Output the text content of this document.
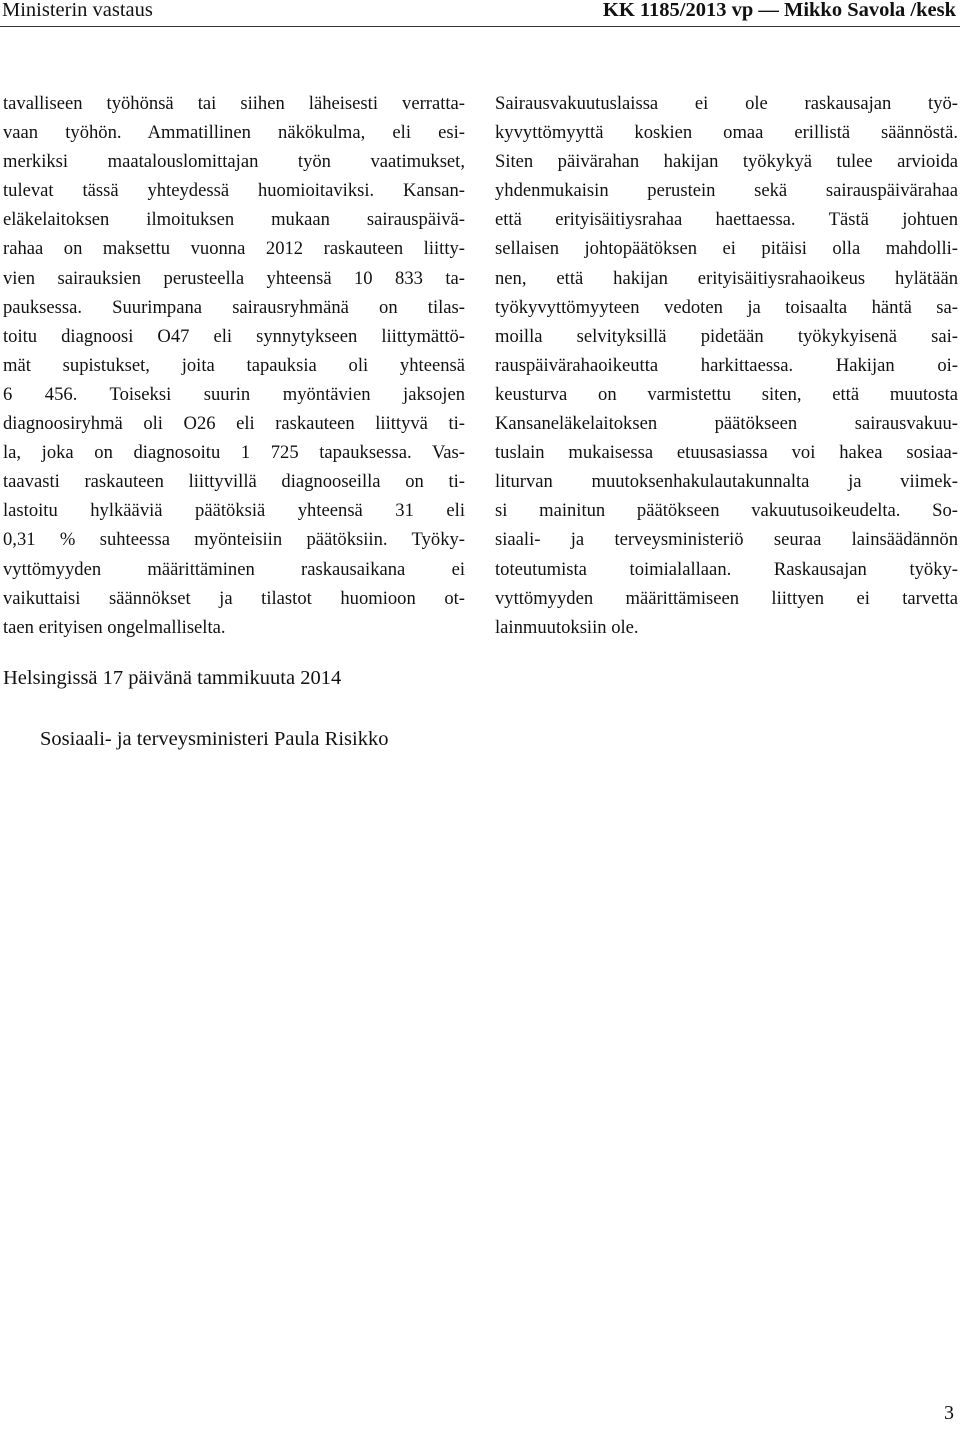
Ministerin vastaus	KK 1185/2013 vp — Mikko Savola /kesk
tavalliseen työhönsä tai siihen läheisesti verratta-
vaan työhön. Ammatillinen näkökulma, eli esi-
merkiksi maatalouslomittajan työn vaatimukset,
tulevat tässä yhteydessä huomioitaviksi. Kansan-
eläkelaitoksen ilmoituksen mukaan sairauspäivä-
rahaa on maksettu vuonna 2012 raskauteen liitty-
vien sairauksien perusteella yhteensä 10 833 ta-
pauksessa. Suurimpana sairausryhmänä on tilas-
toitu diagnoosi O47 eli synnytykseen liittymättö-
mät supistukset, joita tapauksia oli yhteensä
6 456. Toiseksi suurin myöntävien jaksojen
diagnoosiryhmä oli O26 eli raskauteen liittyvä ti-
la, joka on diagnosoitu 1 725 tapauksessa. Vas-
taavasti raskauteen liittyvillä diagnooseilla on ti-
lastoitu hylkääviä päätöksiä yhteensä 31 eli
0,31 % suhteessa myönteisiin päätöksiin. Työky-
vyttömyyden määrittäminen raskausaikana ei
vaikuttaisi säännökset ja tilastot huomioon ot-
taen erityisen ongelmalliselta.
Sairausvakuutuslaissa ei ole raskausajan työ-
kyvyttömyyttä koskien omaa erillistä säännöstä.
Siten päivärahan hakijan työkykyä tulee arvioida
yhdenmukaisin perustein sekä sairauspäivärahaa
että erityisäitiysrahaa haettaessa. Tästä johtuen
sellaisen johtopäätöksen ei pitäisi olla mahdolli-
nen, että hakijan erityisäitiysrahaoikeus hylätään
työkyvyttömyyteen vedoten ja toisaalta häntä sa-
moilla selvityksillä pidetään työkykyisenä sai-
rauspäivärahaoikeutta harkittaessa. Hakijan oi-
keusturva on varmistettu siten, että muutosta
Kansaneläkelaitoksen päätökseen sairausvakuu-
tuslain mukaisessa etuusasiassa voi hakea sosiaa-
liturvan muutoksenhakulautakunnalta ja viimek-
si mainitun päätökseen vakuutusoikeudelta. So-
siaali- ja terveysministeriö seuraa lainsäädännön
toteutumista toimialallaan. Raskausajan työky-
vyttömyyden määrittämiseen liittyen ei tarvetta
lainmuutoksiin ole.
Helsingissä 17 päivänä tammikuuta 2014
Sosiaali- ja terveysministeri Paula Risikko
3
